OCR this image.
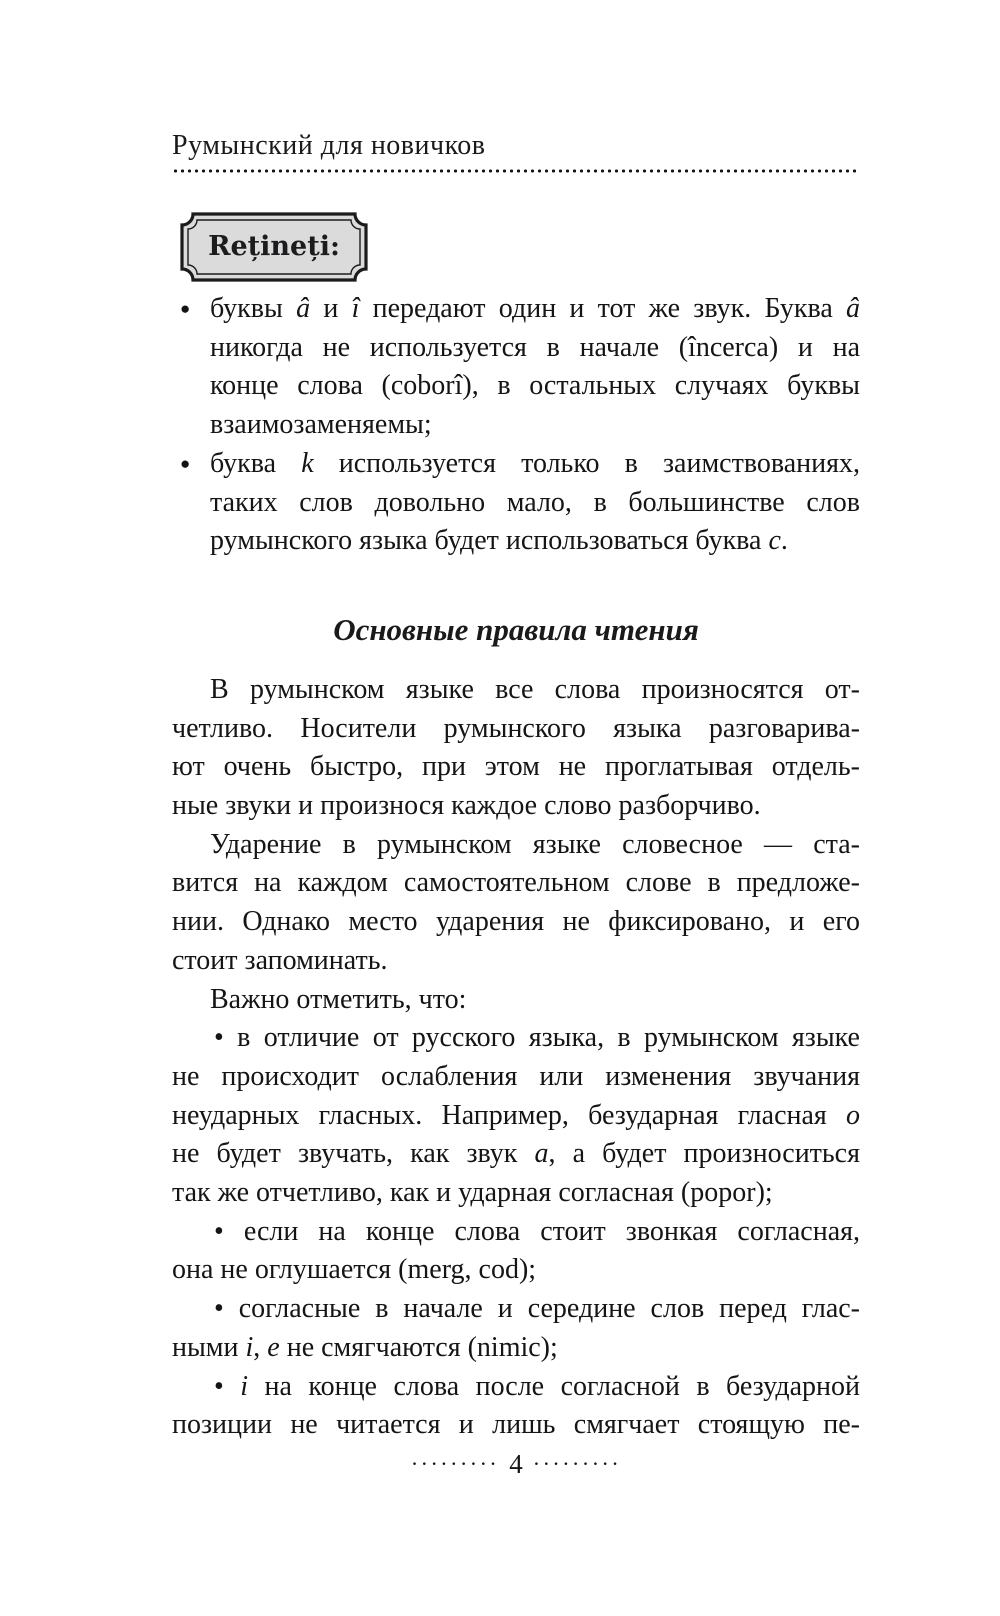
Румынский для новичков
Rețineți:
● буквы â и î передают один и тот же звук. Буква â
никогда не используется в начале (încerca) и на
конце слова (coborî), в остальных случаях буквы
взаимозаменяемы;
● буква k используется только в заимствованиях,
таких слов довольно мало, в большинстве слов
румынского языка будет использоваться буква c.
Основные правила чтения
В румынском языке все слова произносятся от-
четливо. Носители румынского языка разговарива-
ют очень быстро, при этом не проглатывая отдель-
ные звуки и произнося каждое слово разборчиво.
Ударение в румынском языке словесное — ста-
вится на каждом самостоятельном слове в предложе-
нии. Однако место ударения не фиксировано, и его
стоит запоминать.
Важно отметить, что:
• в отличие от русского языка, в румынском языке
не происходит ослабления или изменения звучания
неударных гласных. Например, безударная гласная о
не будет звучать, как звук а, а будет произноситься
так же отчетливо, как и ударная согласная (popor);
• если на конце слова стоит звонкая согласная,
она не оглушается (merg, cod);
• согласные в начале и середине слов перед глас-
ными i, e не смягчаются (nimic);
• i на конце слова после согласной в безударной
позиции не читается и лишь смягчает стоящую пе-
········· 4 ·········
